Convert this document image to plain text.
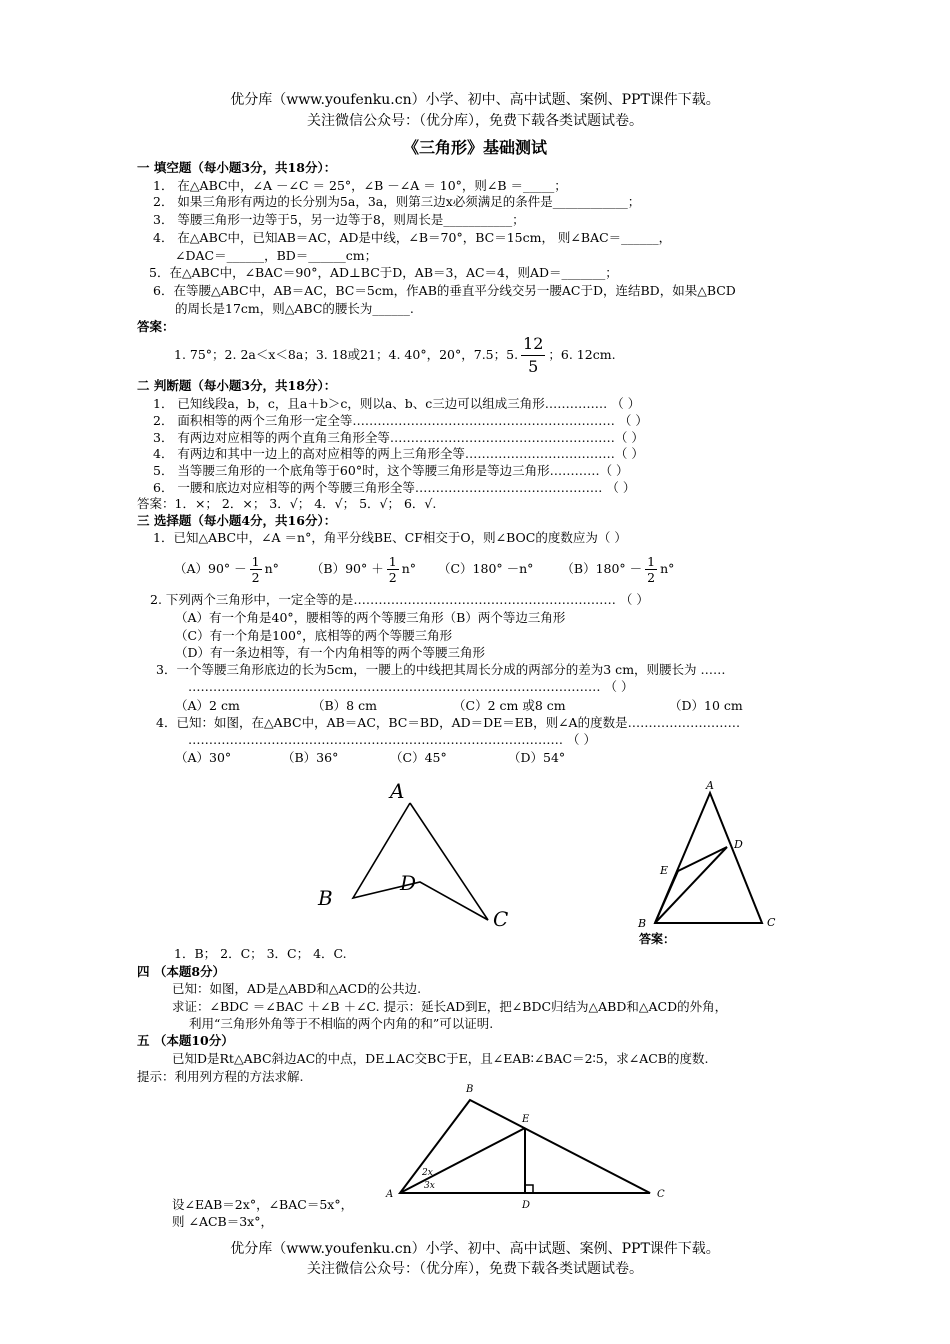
优分库（www.youfenku.cn）小学、初中、高中试题、案例、PPT课件下载。
关注微信公众号：（优分库），免费下载各类试题试卷。
《三角形》基础测试
一 填空题（每小题3分，共18分）：
1． 在△ABC中，∠A －∠C ＝ 25°，∠B －∠A ＝ 10°，则∠B ＝_____；
2． 如果三角形有两边的长分别为5a，3a，则第三边x必须满足的条件是____________；
3． 等腰三角形一边等于5，另一边等于8，则周长是___________；
4． 在△ABC中，已知AB＝AC，AD是中线，∠B＝70°，BC＝15cm， 则∠BAC＝______，
∠DAC＝______，BD＝______cm；
5．在△ABC中，∠BAC＝90°，AD⊥BC于D，AB＝3，AC＝4，则AD＝_______；
6．在等腰△ABC中，AB＝AC，BC＝5cm，作AB的垂直平分线交另一腰AC于D，连结BD，如果△BCD
的周长是17cm，则△ABC的腰长为______.
答案：
1. 75°；2. 2a＜x＜8a；3. 18或21；4. 40°，20°，7.5；5. $\frac{12}{5}$ ；6. 12cm.
二 判断题（每小题3分，共18分）：
1． 已知线段a，b，c，且a＋b＞c，则以a、b、c三边可以组成三角形…………… （ ）
2． 面积相等的两个三角形一定全等……………………………………………………… （ ）
3． 有两边对应相等的两个直角三角形全等………………………………………………（ ）
4． 有两边和其中一边上的高对应相等的两上三角形全等………………………………（ ）
5． 当等腰三角形的一个底角等于60°时，这个等腰三角形是等边三角形…………（ ）
6． 一腰和底边对应相等的两个等腰三角形全等……………………………………… （ ）
答案：1．×； 2．×； 3．√； 4．√； 5．√； 6．√.
三 选择题（每小题4分，共16分）：
1．已知△ABC中，∠A ＝n°，角平分线BE、CF相交于O，则∠BOC的度数应为（ ）
$(A)90^\circ - \frac{1}{2} n^\circ$	$(B)90^\circ + \frac{1}{2} n^\circ$ （C）180° －n° $(B)180^\circ - \frac{1}{2} n^\circ$
2. 下列两个三角形中，一定全等的是……………………………………………………… （ ）
（A）有一个角是40°，腰相等的两个等腰三角形（B）两个等边三角形
（C）有一个角是100°，底相等的两个等腰三角形
（D）有一条边相等，有一个内角相等的两个等腰三角形
3．一个等腰三角形底边的长为5cm，一腰上的中线把其周长分成的两部分的差为3 cm，则腰长为 ……
……………………………………………………………………………………… （ ）
（A）2 cm	（B）8 cm	（C）2 cm 或8 cm	（D）10 cm
4．已知：如图，在△ABC中，AB＝AC，BC＝BD，AD＝DE＝EB，则∠A的度数是………………………
……………………………………………………………………………… （ ）
（A）30°	（B）36°	（C）45°	（D）54°
A
B
D
C
A
D
E
B	C
答案：
1．B； 2．C； 3．C； 4．C.
四 （本题8分）
已知：如图，AD是△ABD和△ACD的公共边.
求证：∠BDC ＝∠BAC ＋∠B ＋∠C. 提示：延长AD到E，把∠BDC归结为△ABD和△ACD的外角，
利用“三角形外角等于不相临的两个内角的和”可以证明.
五 （本题10分）
已知D是Rt△ABC斜边AC的中点，DE⊥AC交BC于E，且∠EAB∶∠BAC＝2∶5，求∠ACB的度数.
提示：利用列方程的方法求解.
B
E
A	C
D
2x
3x
设∠EAB＝2x°，∠BAC＝5x°，
则 ∠ACB＝3x°，
优分库（www.youfenku.cn）小学、初中、高中试题、案例、PPT课件下载。
关注微信公众号：（优分库），免费下载各类试题试卷。
